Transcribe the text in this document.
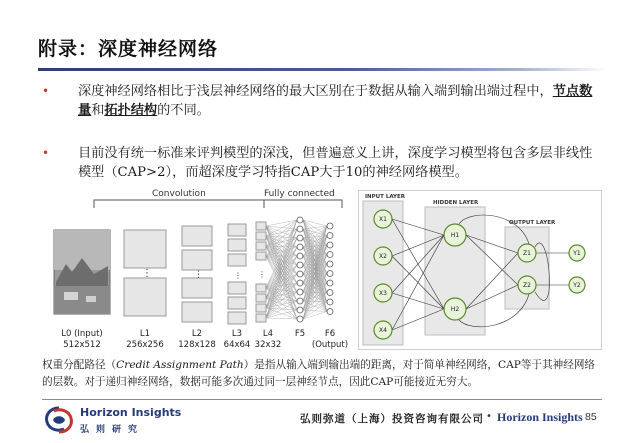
附录：深度神经网络
• 深度神经网络相比于浅层神经网络的最大区别在于数据从输入端到输出端过程中，节点数量和拓扑结构的不同。
• 目前没有统一标准来评判模型的深浅，但普遍意义上讲，深度学习模型将包含多层非线性模型（CAP>2），而超深度学习特指CAP大于10的神经网络模型。
Convolution	Fully connected
⋮	⋮	⋮ ⋮
L0 (Input)
512x512
L1
256x256
L2
128x128
L3
64x64
L4
32x32
F5 F6
(Output)
INPUT LAYER
HIDDEN LAYER
OUTPUT LAYER
X1
X2
X3
X4
H1
H2
Z1
Z2
Y1
Y2
权重分配路径（Credit Assignment Path）是指从输入端到输出端的距离，对于简单神经网络，CAP等于其神经网络的层数。对于递归神经网络，数据可能多次通过同一层神经节点，因此CAP可能接近无穷大。
Horizon Insights
弘则研究
弘则弥道（上海）投资咨询有限公司 • Horizon Insights 85
